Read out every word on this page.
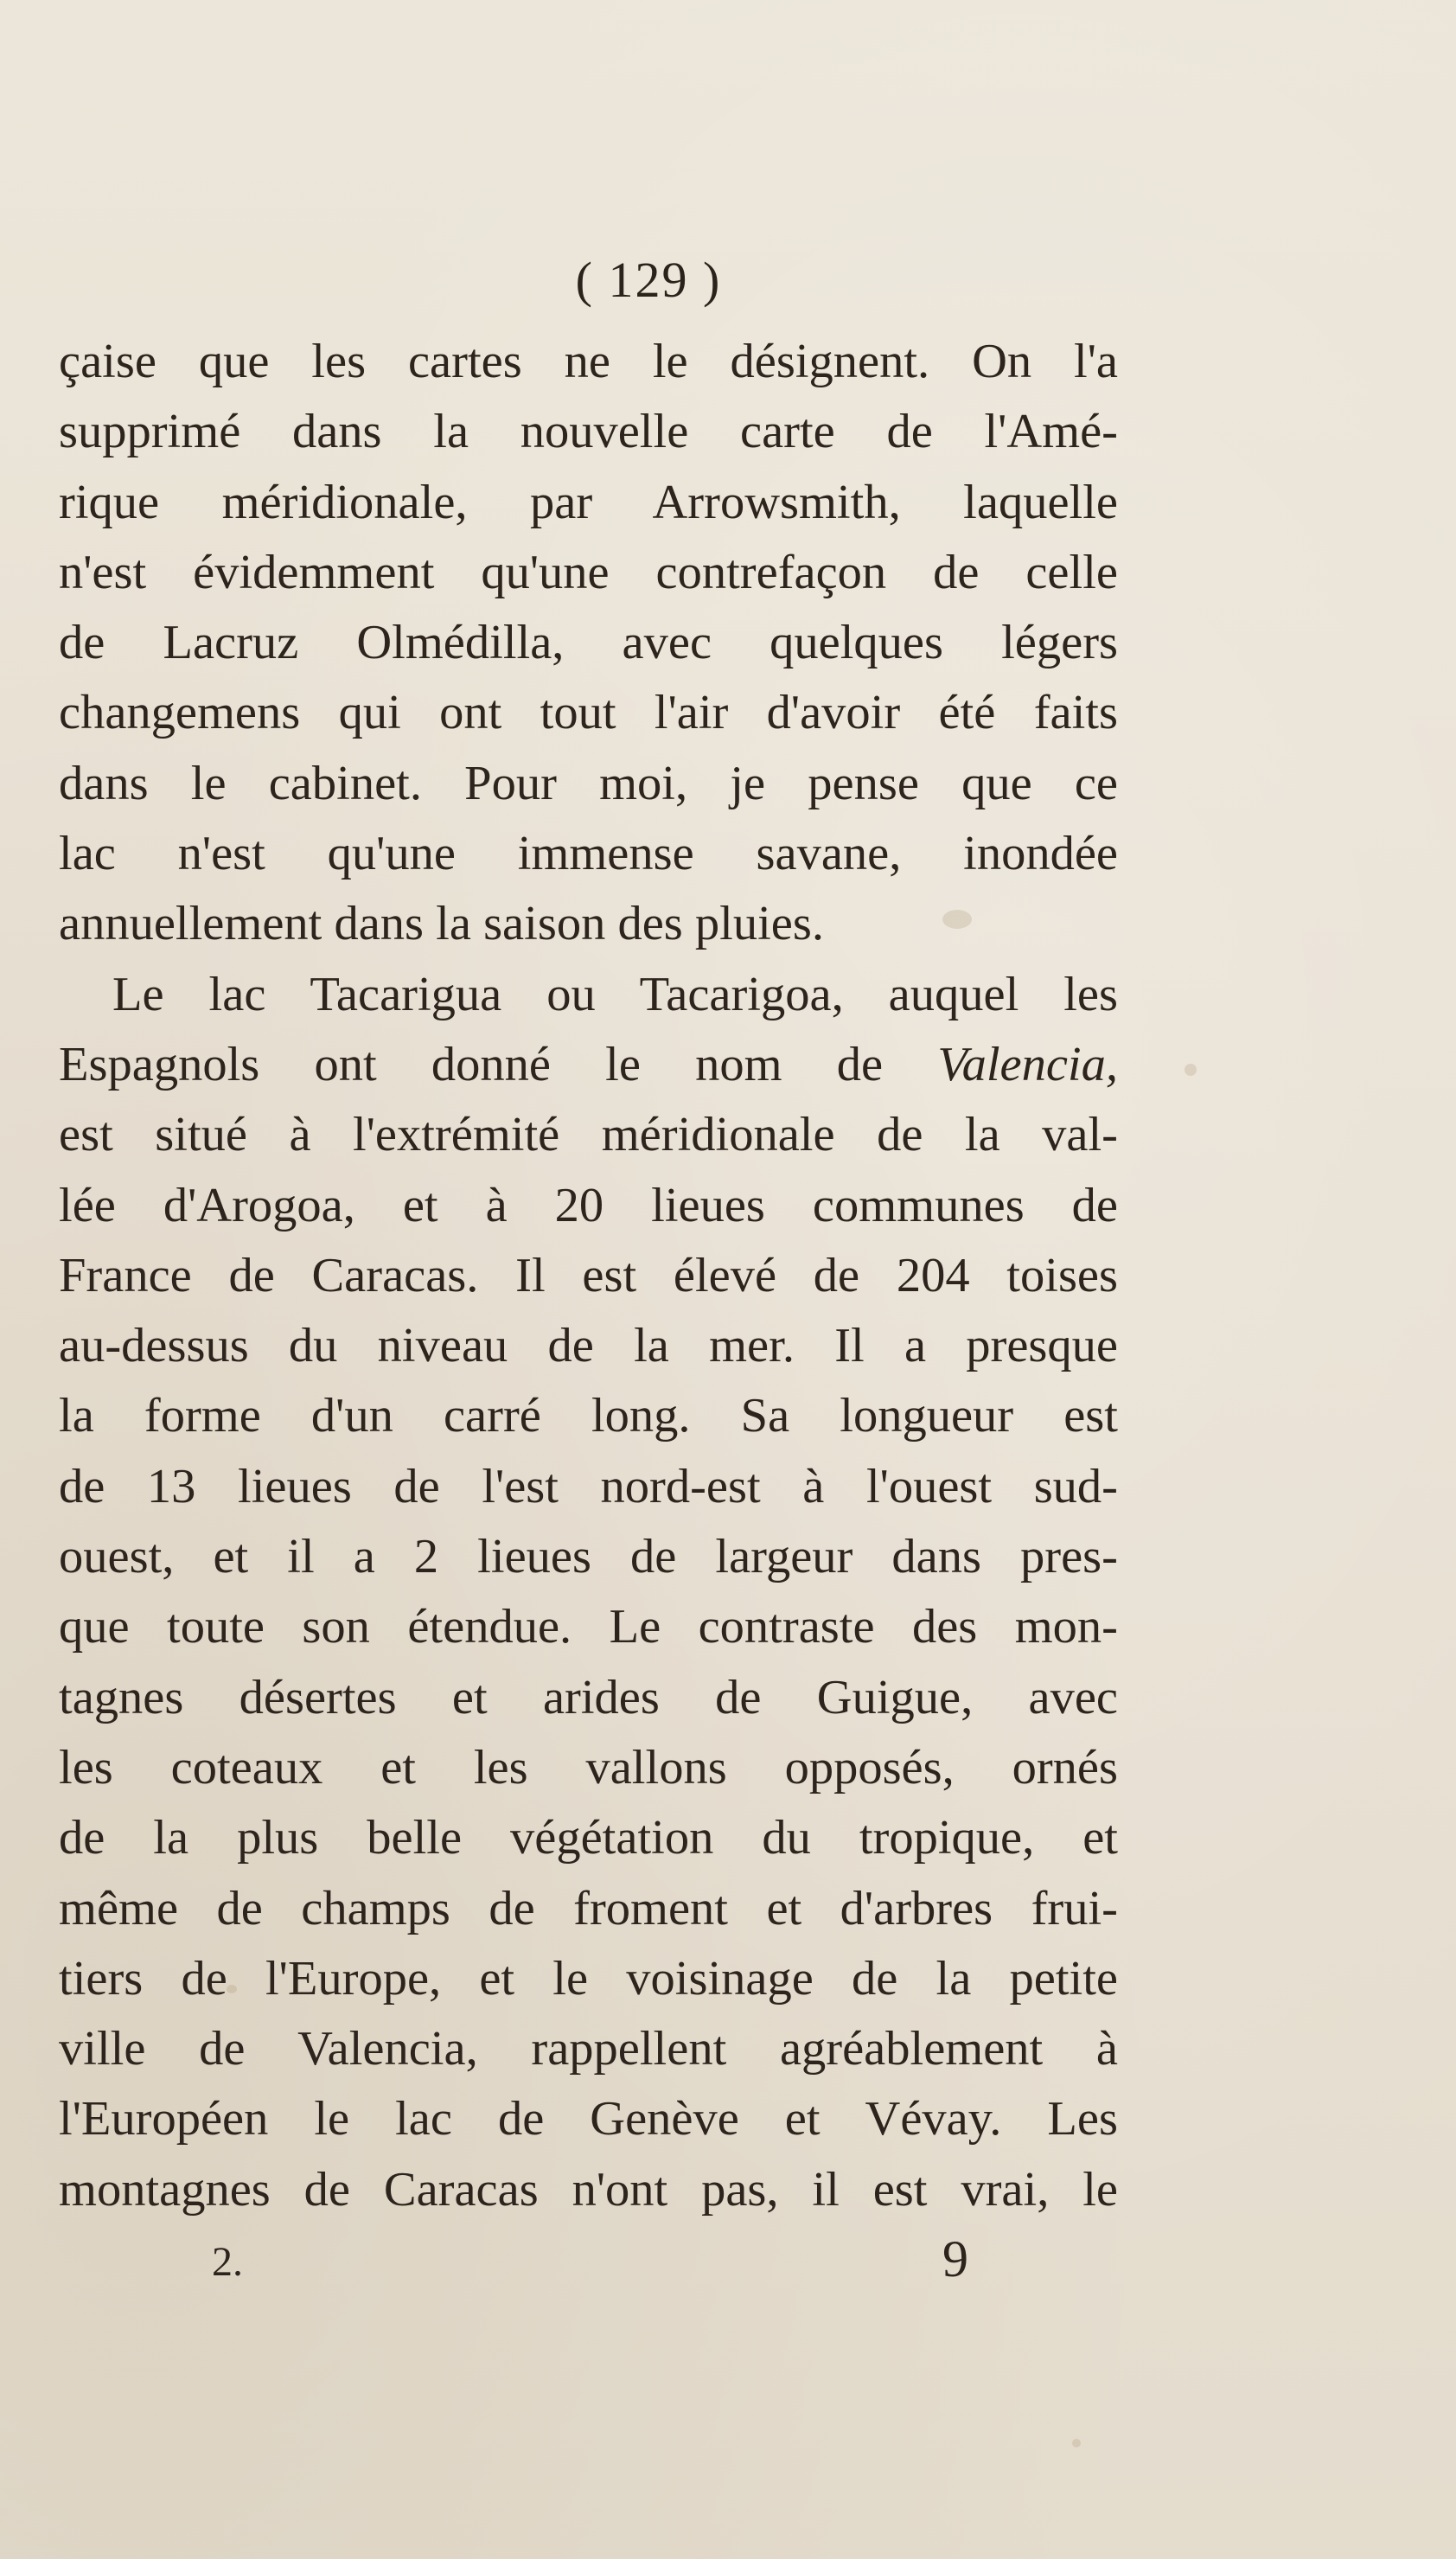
( 129 )
çaise que les cartes ne le désignent. On l'a
supprimé dans la nouvelle carte de l'Amé-
rique méridionale, par Arrowsmith, laquelle
n'est évidemment qu'une contrefaçon de celle
de Lacruz Olmédilla, avec quelques légers
changemens qui ont tout l'air d'avoir été faits
dans le cabinet. Pour moi, je pense que ce
lac n'est qu'une immense savane, inondée
annuellement dans la saison des pluies.
Le lac Tacarigua ou Tacarigoa, auquel les
Espagnols ont donné le nom de Valencia,
est situé à l'extrémité méridionale de la val-
lée d'Arogoa, et à 20 lieues communes de
France de Caracas. Il est élevé de 204 toises
au-dessus du niveau de la mer. Il a presque
la forme d'un carré long. Sa longueur est
de 13 lieues de l'est nord-est à l'ouest sud-
ouest, et il a 2 lieues de largeur dans pres-
que toute son étendue. Le contraste des mon-
tagnes désertes et arides de Guigue, avec
les coteaux et les vallons opposés, ornés
de la plus belle végétation du tropique, et
même de champs de froment et d'arbres frui-
tiers de l'Europe, et le voisinage de la petite
ville de Valencia, rappellent agréablement à
l'Européen le lac de Genève et Vévay. Les
montagnes de Caracas n'ont pas, il est vrai, le
2.	9
